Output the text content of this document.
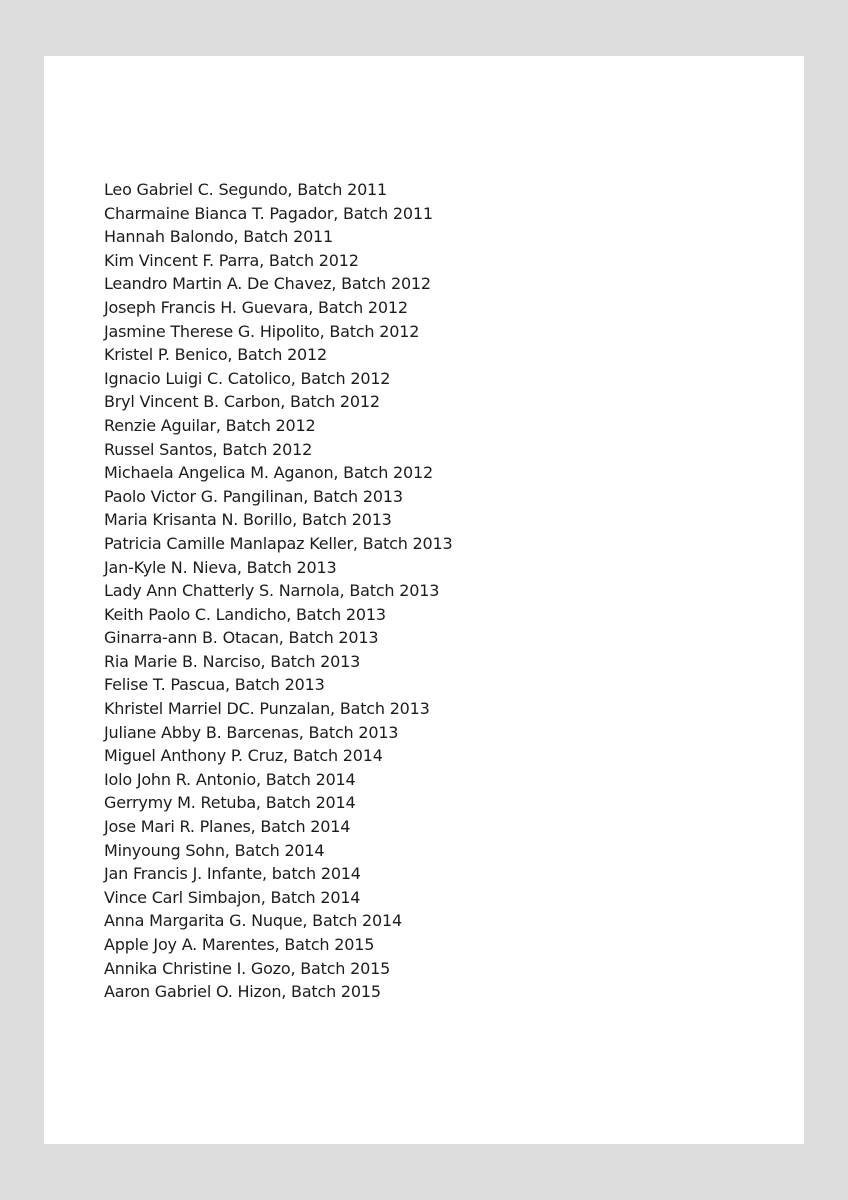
Leo Gabriel C. Segundo, Batch 2011
Charmaine Bianca T. Pagador, Batch 2011
Hannah Balondo, Batch 2011
Kim Vincent F. Parra, Batch 2012
Leandro Martin A. De Chavez, Batch 2012
Joseph Francis H. Guevara, Batch 2012
Jasmine Therese G. Hipolito, Batch 2012
Kristel P. Benico, Batch 2012
Ignacio Luigi C. Catolico, Batch 2012
Bryl Vincent B. Carbon, Batch 2012
Renzie Aguilar, Batch 2012
Russel Santos, Batch 2012
Michaela Angelica M. Aganon, Batch 2012
Paolo Victor G. Pangilinan, Batch 2013
Maria Krisanta N. Borillo, Batch 2013
Patricia Camille Manlapaz Keller, Batch 2013
Jan-Kyle N. Nieva, Batch 2013
Lady Ann Chatterly S. Narnola, Batch 2013
Keith Paolo C. Landicho, Batch 2013
Ginarra-ann B. Otacan, Batch 2013
Ria Marie B. Narciso, Batch 2013
Felise T. Pascua, Batch 2013
Khristel Marriel DC. Punzalan, Batch 2013
Juliane Abby B. Barcenas, Batch 2013
Miguel Anthony P. Cruz, Batch 2014
Iolo John R. Antonio, Batch 2014
Gerrymy M. Retuba, Batch 2014
Jose Mari R. Planes, Batch 2014
Minyoung Sohn, Batch 2014
Jan Francis J. Infante, batch 2014
Vince Carl Simbajon, Batch 2014
Anna Margarita G. Nuque, Batch 2014
Apple Joy A. Marentes, Batch 2015
Annika Christine I. Gozo, Batch 2015
Aaron Gabriel O. Hizon, Batch 2015
